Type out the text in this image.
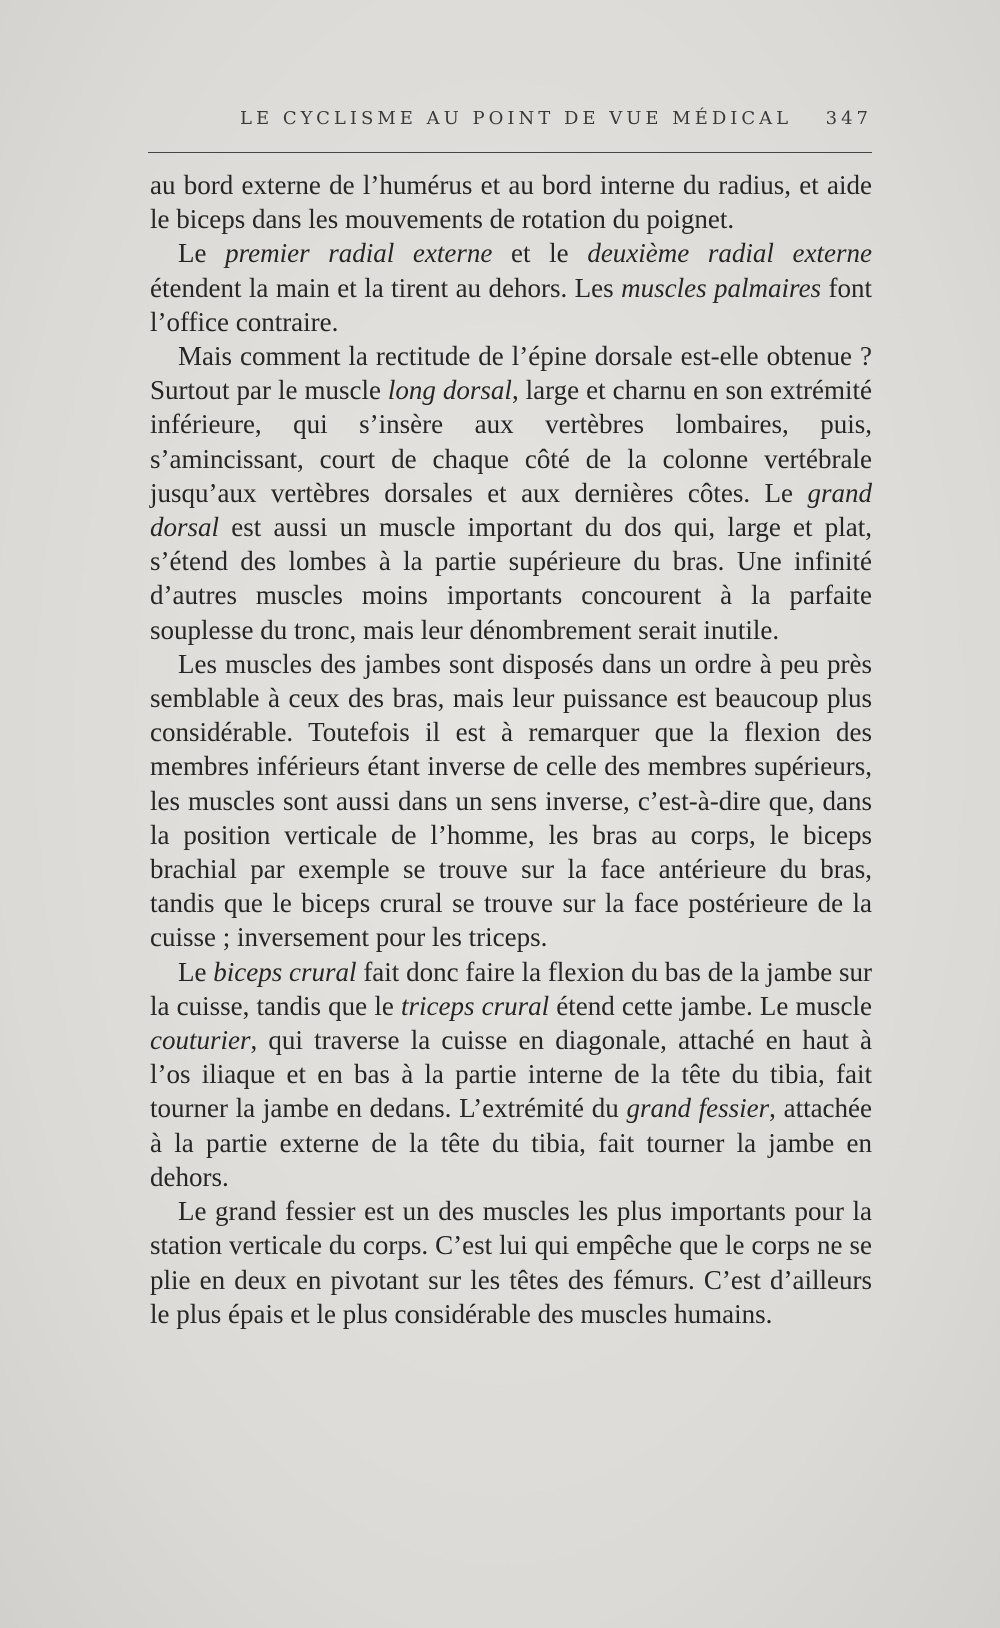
LE CYCLISME AU POINT DE VUE MÉDICAL 347

au bord externe de l’humérus et au bord interne du radius, et aide le biceps dans les mouvements de rotation du poignet.

Le premier radial externe et le deuxième radial externe étendent la main et la tirent au dehors. Les muscles palmaires font l’office contraire.

Mais comment la rectitude de l’épine dorsale est-elle obtenue ? Surtout par le muscle long dorsal, large et charnu en son extrémité inférieure, qui s’insère aux vertèbres lombaires, puis, s’amincissant, court de chaque côté de la colonne vertébrale jusqu’aux vertèbres dorsales et aux dernières côtes. Le grand dorsal est aussi un muscle important du dos qui, large et plat, s’étend des lombes à la partie supérieure du bras. Une infinité d’autres muscles moins importants concourent à la parfaite souplesse du tronc, mais leur dénombrement serait inutile.

Les muscles des jambes sont disposés dans un ordre à peu près semblable à ceux des bras, mais leur puissance est beaucoup plus considérable. Toutefois il est à remarquer que la flexion des membres inférieurs étant inverse de celle des membres supérieurs, les muscles sont aussi dans un sens inverse, c’est-à-dire que, dans la position verticale de l’homme, les bras au corps, le biceps brachial par exemple se trouve sur la face antérieure du bras, tandis que le biceps crural se trouve sur la face postérieure de la cuisse ; inversement pour les triceps.

Le biceps crural fait donc faire la flexion du bas de la jambe sur la cuisse, tandis que le triceps crural étend cette jambe. Le muscle couturier, qui traverse la cuisse en diagonale, attaché en haut à l’os iliaque et en bas à la partie interne de la tête du tibia, fait tourner la jambe en dedans. L’extrémité du grand fessier, attachée à la partie externe de la tête du tibia, fait tourner la jambe en dehors.

Le grand fessier est un des muscles les plus importants pour la station verticale du corps. C’est lui qui empêche que le corps ne se plie en deux en pivotant sur les têtes des fémurs. C’est d’ailleurs le plus épais et le plus considérable des muscles humains.
